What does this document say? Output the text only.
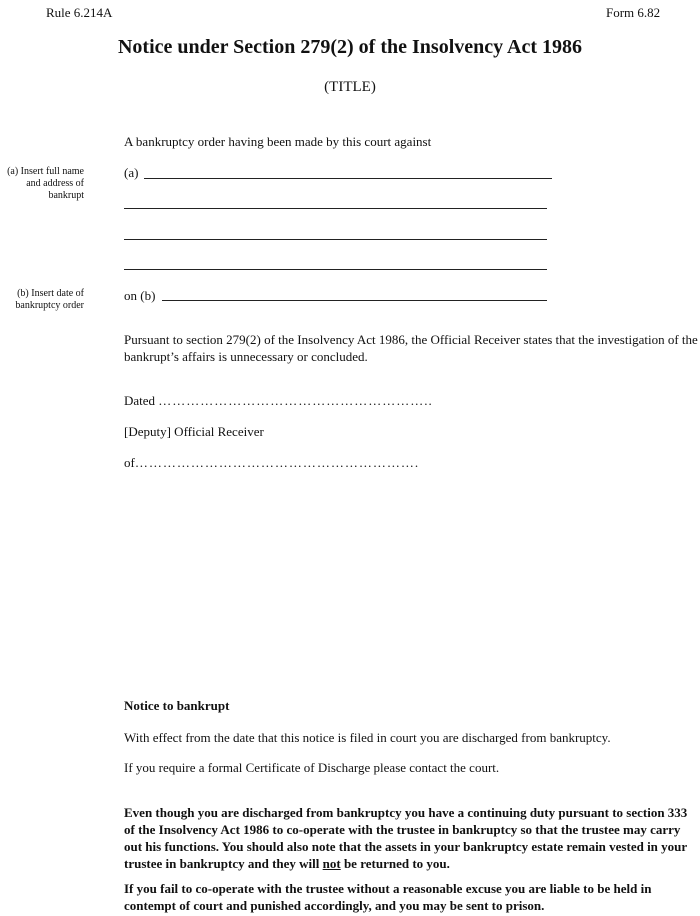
Rule 6.214A	Form 6.82
Notice under Section 279(2) of the Insolvency Act 1986
(TITLE)
A bankruptcy order having been made by this court against
(a) Insert full name
and address of
bankrupt
(a)
(b) Insert date of
bankruptcy order
on (b)
Pursuant to section 279(2) of the Insolvency Act 1986, the Official Receiver states that the investigation of the bankrupt’s affairs is unnecessary or concluded.
Dated …………………………………………………..
[Deputy] Official Receiver
of…………………………………………………….
Notice to bankrupt
With effect from the date that this notice is filed in court you are discharged from bankruptcy.
If you require a formal Certificate of Discharge please contact the court.
Even though you are discharged from bankruptcy you have a continuing duty pursuant to section 333 of the Insolvency Act 1986 to co-operate with the trustee in bankruptcy so that the trustee may carry out his functions. You should also note that the assets in your bankruptcy estate remain vested in your trustee in bankruptcy and they will not be returned to you.
If you fail to co-operate with the trustee without a reasonable excuse you are liable to be held in contempt of court and punished accordingly, and you may be sent to prison.
